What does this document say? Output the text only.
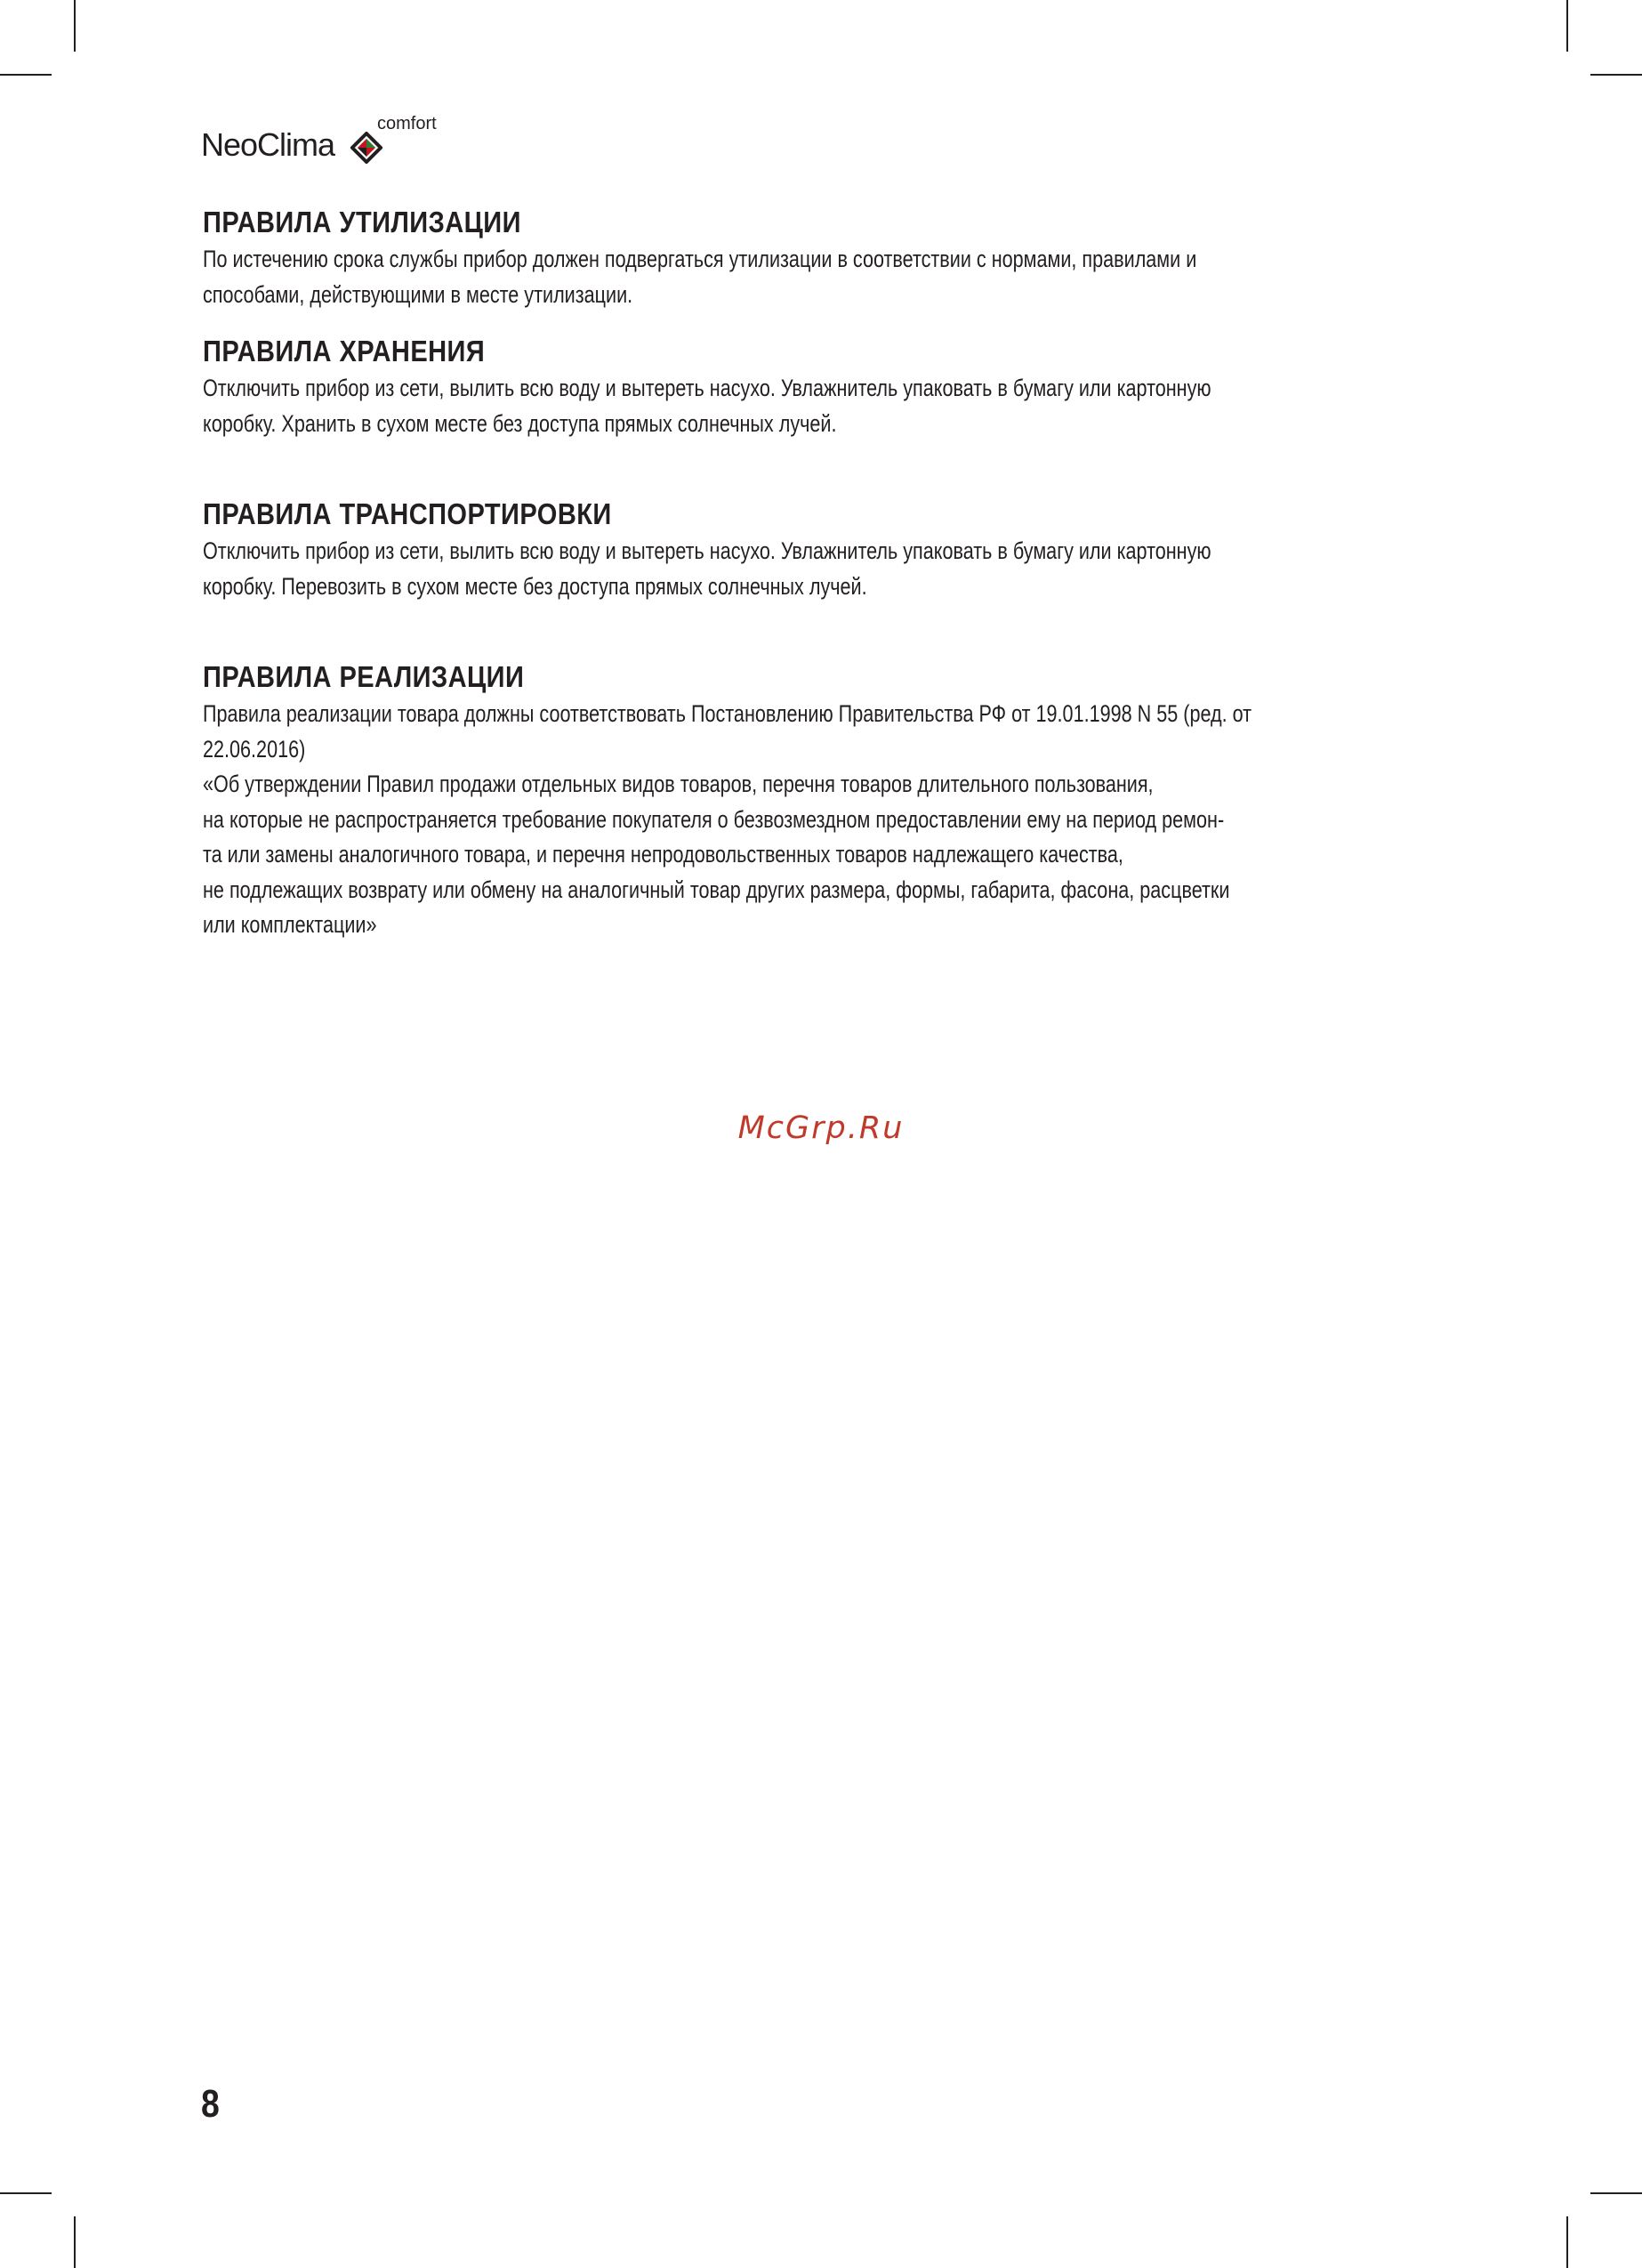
NeoClima
comfort
ПРАВИЛА УТИЛИЗАЦИИ
По истечению срока службы прибор должен подвергаться утилизации в соответствии с нормами, правилами и
способами, действующими в месте утилизации.
ПРАВИЛА ХРАНЕНИЯ
Отключить прибор из сети, вылить всю воду и вытереть насухо. Увлажнитель упаковать в бумагу или картонную
коробку. Хранить в сухом месте без доступа прямых солнечных лучей.
ПРАВИЛА ТРАНСПОРТИРОВКИ
Отключить прибор из сети, вылить всю воду и вытереть насухо. Увлажнитель упаковать в бумагу или картонную
коробку. Перевозить в сухом месте без доступа прямых солнечных лучей.
ПРАВИЛА РЕАЛИЗАЦИИ
Правила реализации товара должны соответствовать Постановлению Правительства РФ от 19.01.1998 N 55 (ред. от
22.06.2016)
«Об утверждении Правил продажи отдельных видов товаров, перечня товаров длительного пользования,
на которые не распространяется требование покупателя о безвозмездном предоставлении ему на период ремон-
та или замены аналогичного товара, и перечня непродовольственных товаров надлежащего качества,
не подлежащих возврату или обмену на аналогичный товар других размера, формы, габарита, фасона, расцветки
или комплектации»
McGrp.Ru
8
